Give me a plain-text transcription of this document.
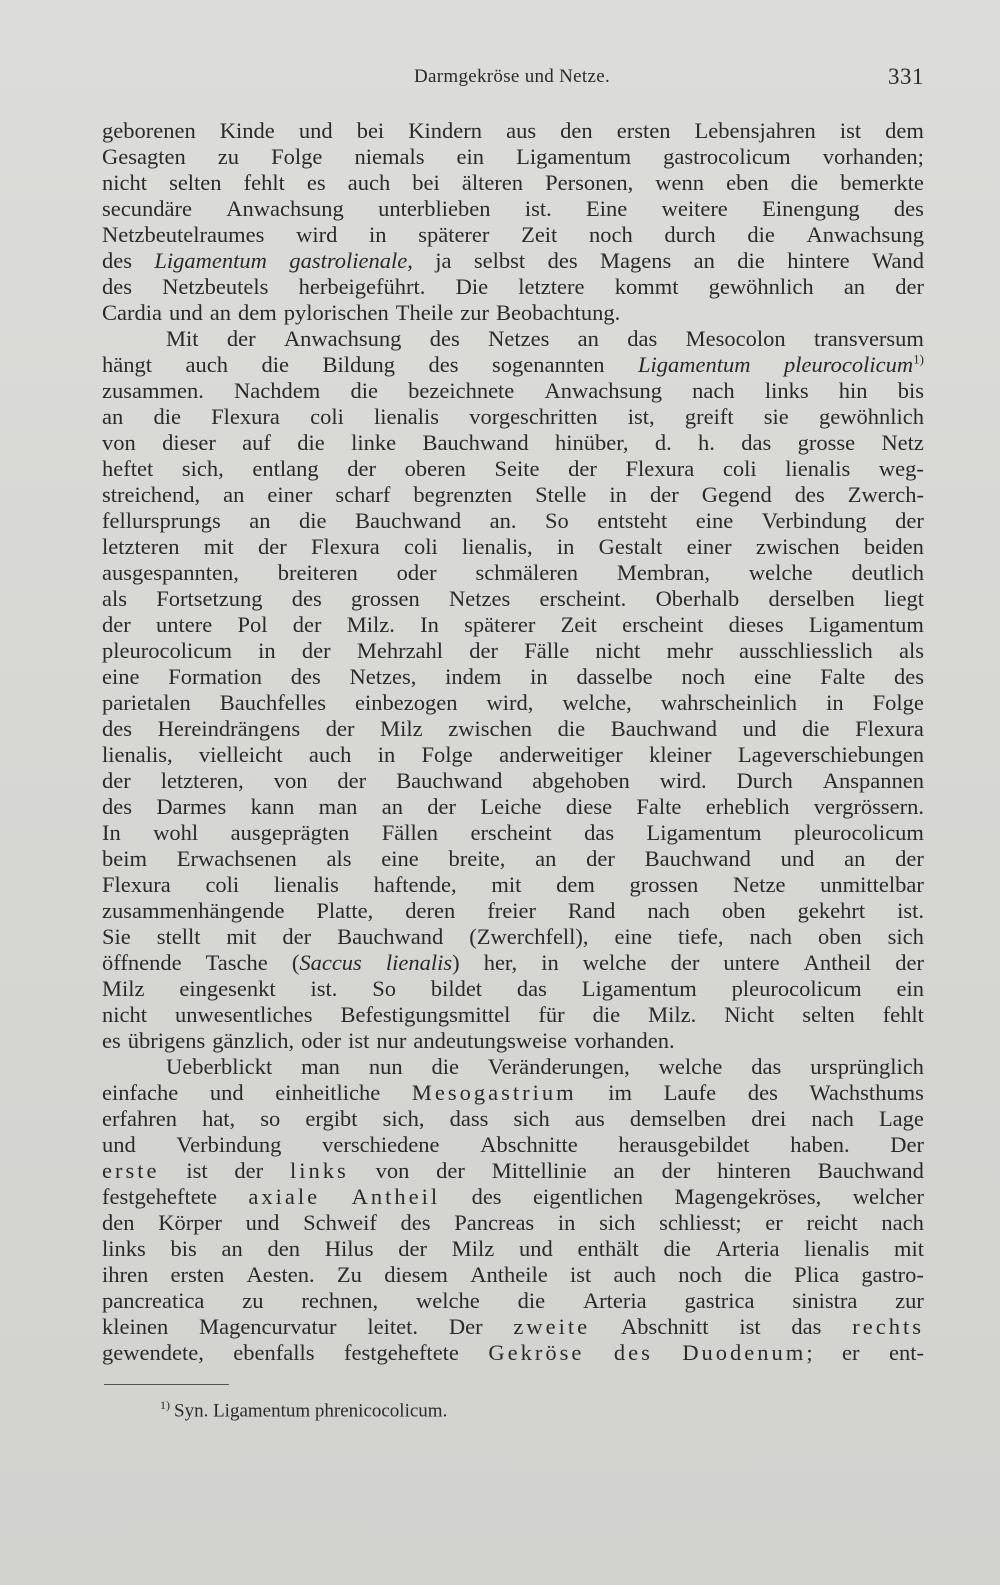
Darmgekröse und Netze.	331
geborenen Kinde und bei Kindern aus den ersten Lebensjahren ist dem
Gesagten zu Folge niemals ein Ligamentum gastrocolicum vorhanden;
nicht selten fehlt es auch bei älteren Personen, wenn eben die bemerkte
secundäre Anwachsung unterblieben ist. Eine weitere Einengung des
Netzbeutelraumes wird in späterer Zeit noch durch die Anwachsung
des Ligamentum gastrolienale, ja selbst des Magens an die hintere Wand
des Netzbeutels herbeigeführt. Die letztere kommt gewöhnlich an der
Cardia und an dem pylorischen Theile zur Beobachtung.
Mit der Anwachsung des Netzes an das Mesocolon transversum
hängt auch die Bildung des sogenannten Ligamentum pleurocolicum$^{1)}$
zusammen. Nachdem die bezeichnete Anwachsung nach links hin bis
an die Flexura coli lienalis vorgeschritten ist, greift sie gewöhnlich
von dieser auf die linke Bauchwand hinüber, d. h. das grosse Netz
heftet sich, entlang der oberen Seite der Flexura coli lienalis weg-
streichend, an einer scharf begrenzten Stelle in der Gegend des Zwerch-
fellursprungs an die Bauchwand an. So entsteht eine Verbindung der
letzteren mit der Flexura coli lienalis, in Gestalt einer zwischen beiden
ausgespannten, breiteren oder schmäleren Membran, welche deutlich
als Fortsetzung des grossen Netzes erscheint. Oberhalb derselben liegt
der untere Pol der Milz. In späterer Zeit erscheint dieses Ligamentum
pleurocolicum in der Mehrzahl der Fälle nicht mehr ausschliesslich als
eine Formation des Netzes, indem in dasselbe noch eine Falte des
parietalen Bauchfelles einbezogen wird, welche, wahrscheinlich in Folge
des Hereindrängens der Milz zwischen die Bauchwand und die Flexura
lienalis, vielleicht auch in Folge anderweitiger kleiner Lageverschiebungen
der letzteren, von der Bauchwand abgehoben wird. Durch Anspannen
des Darmes kann man an der Leiche diese Falte erheblich vergrössern.
In wohl ausgeprägten Fällen erscheint das Ligamentum pleurocolicum
beim Erwachsenen als eine breite, an der Bauchwand und an der
Flexura coli lienalis haftende, mit dem grossen Netze unmittelbar
zusammenhängende Platte, deren freier Rand nach oben gekehrt ist.
Sie stellt mit der Bauchwand (Zwerchfell), eine tiefe, nach oben sich
öffnende Tasche (Saccus lienalis) her, in welche der untere Antheil der
Milz eingesenkt ist. So bildet das Ligamentum pleurocolicum ein
nicht unwesentliches Befestigungsmittel für die Milz. Nicht selten fehlt
es übrigens gänzlich, oder ist nur andeutungsweise vorhanden.
Ueberblickt man nun die Veränderungen, welche das ursprünglich
einfache und einheitliche Mesogastrium im Laufe des Wachsthums
erfahren hat, so ergibt sich, dass sich aus demselben drei nach Lage
und Verbindung verschiedene Abschnitte herausgebildet haben. Der
erste ist der links von der Mittellinie an der hinteren Bauchwand
festgeheftete axiale Antheil des eigentlichen Magengekröses, welcher
den Körper und Schweif des Pancreas in sich schliesst; er reicht nach
links bis an den Hilus der Milz und enthält die Arteria lienalis mit
ihren ersten Aesten. Zu diesem Antheile ist auch noch die Plica gastro-
pancreatica zu rechnen, welche die Arteria gastrica sinistra zur
kleinen Magencurvatur leitet. Der zweite Abschnitt ist das rechts
gewendete, ebenfalls festgeheftete Gekröse des Duodenum; er ent-
$^{1)}$ Syn. Ligamentum phrenicocolicum.
